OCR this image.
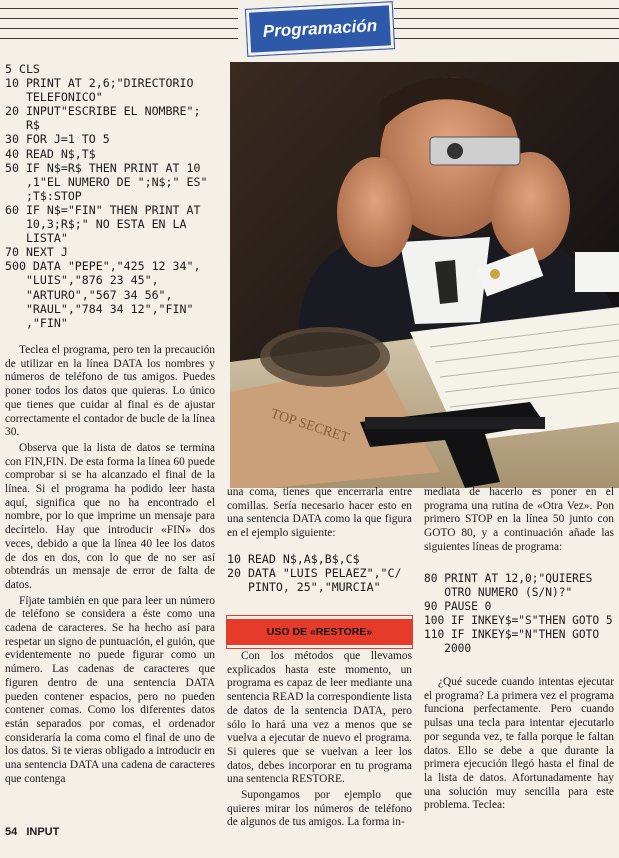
Programación
5 CLS
10 PRINT AT 2,6;"DIRECTORIO
TELEFONICO"
20 INPUT"ESCRIBE EL NOMBRE";
R$
30 FOR J=1 TO 5
40 READ N$,T$
50 IF N$=R$ THEN PRINT AT 10
,1"EL NUMERO DE ";N$;" ES"
;T$:STOP
60 IF N$="FIN" THEN PRINT AT
10,3;R$;" NO ESTA EN LA
LISTA"
70 NEXT J
500 DATA "PEPE","425 12 34",
"LUIS","876 23 45",
"ARTURO","567 34 56",
"RAUL","784 34 12","FIN"
,"FIN"
TOP SECRET

Teclea el programa, pero ten la precaución de utilizar en la línea DATA los nombres y números de teléfono de tus amigos. Puedes poner todos los datos que quieras. Lo único que tienes que cuidar al final es de ajustar correctamente el contador de bucle de la línea 30.

Observa que la lista de datos se termina con FIN,FIN. De esta forma la línea 60 puede comprobar si se ha alcanzado el final de la línea. Si el programa ha podido leer hasta aquí, significa que no ha encontrado el nombre, por lo que imprime un mensaje para decírtelo. Hay que introducir «FIN» dos veces, debido a que la línea 40 lee los datos de dos en dos, con lo que de no ser así obtendrás un mensaje de error de falta de datos.

Fíjate también en que para leer un número de teléfono se considera a éste como una cadena de caracteres. Se ha hecho así para respetar un signo de puntuación, el guión, que evidentemente no puede figurar como un número. Las cadenas de caracteres que figuren dentro de una sentencia DATA pueden contener espacios, pero no pueden contener comas. Como los diferentes datos están separados por comas, el ordenador consideraría la coma como el final de uno de los datos. Si te vieras obligado a introducir en una sentencia DATA una cadena de caracteres que contenga

una coma, tienes que encerrarla entre comillas. Sería necesario hacer esto en una sentencia DATA como la que figura en el ejemplo siguiente:

10 READ N$,A$,B$,C$
20 DATA "LUIS PELAEZ","C/
PINTO, 25","MURCIA"
USO DE «RESTORE»

Con los métodos que llevamos explicados hasta este momento, un programa es capaz de leer mediante una sentencia READ la correspondiente lista de datos de la sentencia DATA, pero sólo lo hará una vez a menos que se vuelva a ejecutar de nuevo el programa. Si quieres que se vuelvan a leer los datos, debes incorporar en tu programa una sentencia RESTORE.

Supongamos por ejemplo que quieres mirar los números de teléfono de algunos de tus amigos. La forma in-

mediata de hacerlo es poner en el programa una rutina de «Otra Vez». Pon primero STOP en la línea 50 junto con GOTO 80, y a continuación añade las siguientes líneas de programa:

80 PRINT AT 12,0;"QUIERES
OTRO NUMERO (S/N)?"
90 PAUSE 0
100 IF INKEY$="S"THEN GOTO 5
110 IF INKEY$="N"THEN GOTO
2000

¿Qué sucede cuando intentas ejecutar el programa? La primera vez el programa funciona perfectamente. Pero cuando pulsas una tecla para intentar ejecutarlo por segunda vez, te falla porque le faltan datos. Ello se debe a que durante la primera ejecución llegó hasta el final de la lista de datos. Afortunadamente hay una solución muy sencilla para este problema. Teclea:

54 INPUT
